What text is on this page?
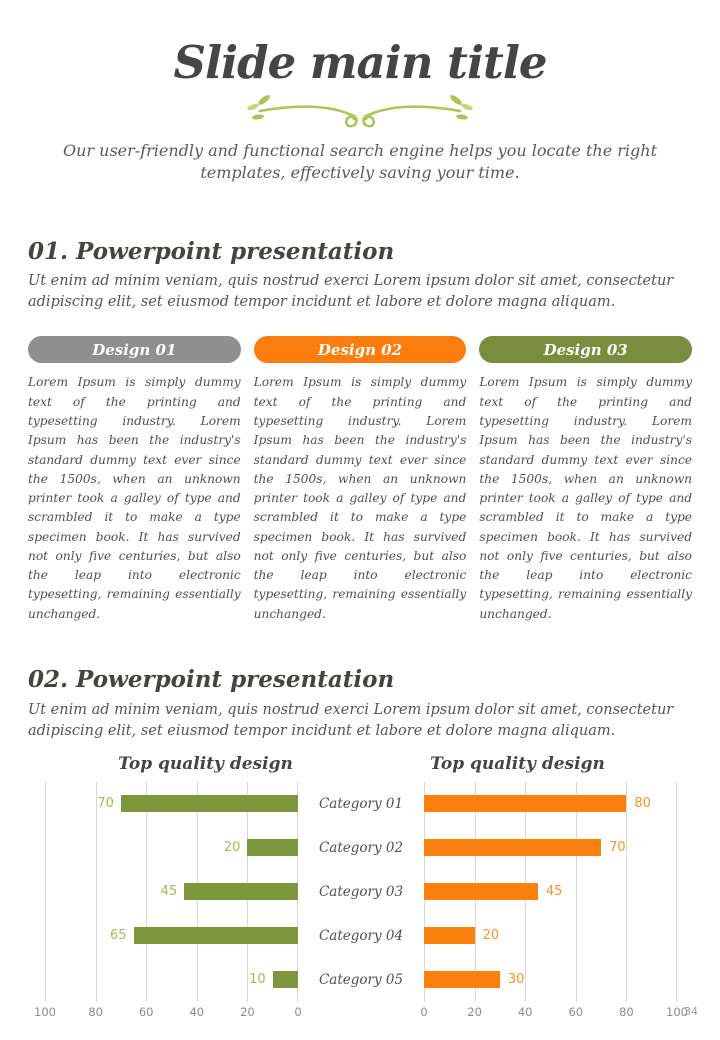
Slide main title

Our user-friendly and functional search engine helps you locate the right templates, effectively saving your time.

01. Powerpoint presentation

Ut enim ad minim veniam, quis nostrud exerci Lorem ipsum dolor sit amet, consectetur adipiscing elit, set eiusmod tempor incidunt et labore et dolore magna aliquam.

Design 01

Lorem Ipsum is simply dummy text of the printing and typesetting industry. Lorem Ipsum has been the industry's standard dummy text ever since the 1500s, when an unknown printer took a galley of type and scrambled it to make a type specimen book. It has survived not only five centuries, but also the leap into electronic typesetting, remaining essentially unchanged.

Design 02

Lorem Ipsum is simply dummy text of the printing and typesetting industry. Lorem Ipsum has been the industry's standard dummy text ever since the 1500s, when an unknown printer took a galley of type and scrambled it to make a type specimen book. It has survived not only five centuries, but also the leap into electronic typesetting, remaining essentially unchanged.

Design 03

Lorem Ipsum is simply dummy text of the printing and typesetting industry. Lorem Ipsum has been the industry's standard dummy text ever since the 1500s, when an unknown printer took a galley of type and scrambled it to make a type specimen book. It has survived not only five centuries, but also the leap into electronic typesetting, remaining essentially unchanged.

02. Powerpoint presentation

Ut enim ad minim veniam, quis nostrud exerci Lorem ipsum dolor sit amet, consectetur adipiscing elit, set eiusmod tempor incidunt et labore et dolore magna aliquam.

Top quality design
70
20
45
65
10
100	80	60	40	20	0
Category 01
Category 02
Category 03
Category 04
Category 05
Top quality design
80
70
45
20
30
0	20	40	60	80	100
34
